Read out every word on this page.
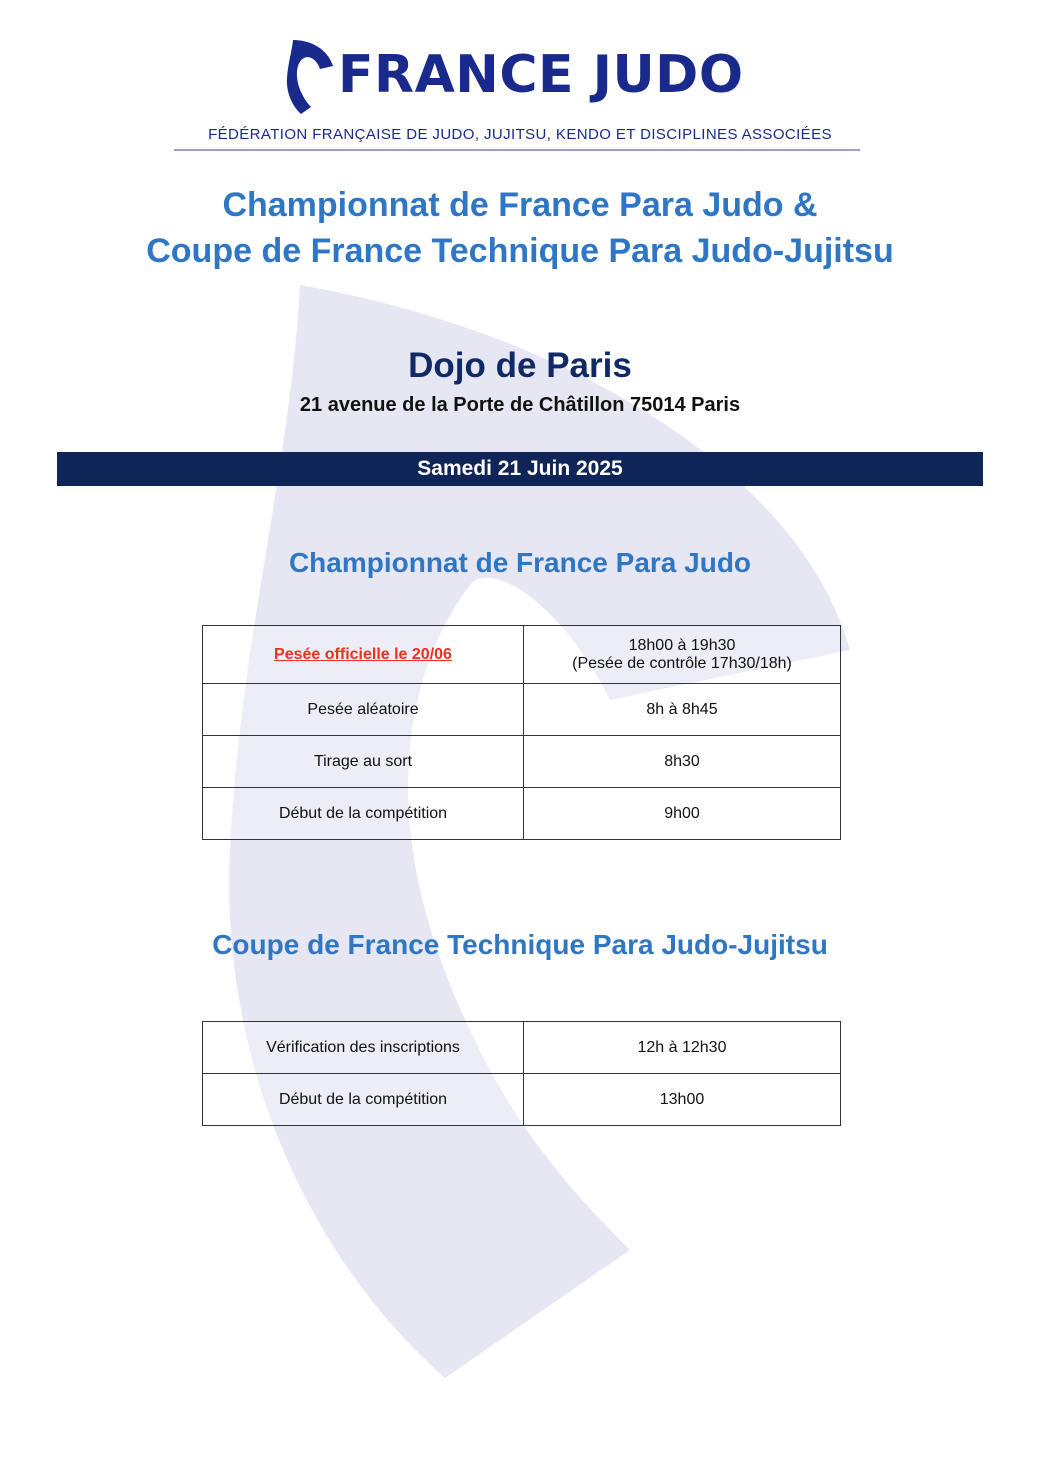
FRANCE JUDO
FÉDÉRATION FRANÇAISE DE JUDO, JUJITSU, KENDO ET DISCIPLINES ASSOCIÉES
Championnat de France Para Judo &
Coupe de France Technique Para Judo-Jujitsu
Dojo de Paris
21 avenue de la Porte de Châtillon 75014 Paris
Samedi 21 Juin 2025
Championnat de France Para Judo
Pesée officielle le 20/06	18h00 à 19h30
(Pesée de contrôle 17h30/18h)

Pesée aléatoire	8h à 8h45
Tirage au sort	8h30
Début de la compétition	9h00
Coupe de France Technique Para Judo-Jujitsu
Vérification des inscriptions	12h à 12h30
Début de la compétition	13h00
